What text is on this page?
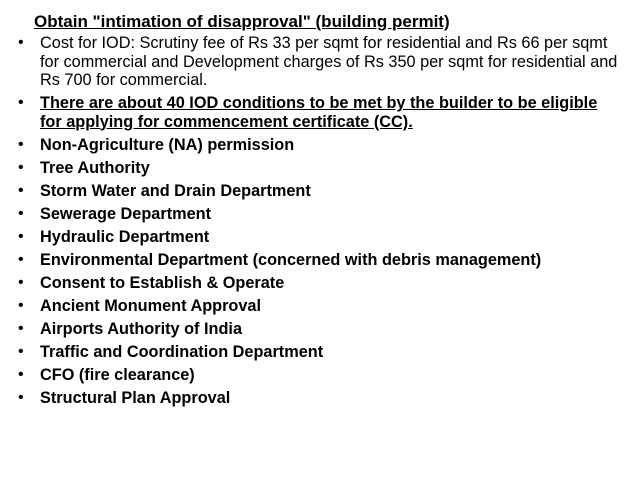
Obtain "intimation of disapproval" (building permit)
• Cost for IOD: Scrutiny fee of Rs 33 per sqmt for residential and Rs 66 per sqmt for commercial and Development charges of Rs 350 per sqmt for residential and Rs 700 for commercial.
• There are about 40 IOD conditions to be met by the builder to be eligible for applying for commencement certificate (CC).
• Non-Agriculture (NA) permission
• Tree Authority
• Storm Water and Drain Department
• Sewerage Department
• Hydraulic Department
• Environmental Department (concerned with debris management)
• Consent to Establish & Operate
• Ancient Monument Approval
• Airports Authority of India
• Traffic and Coordination Department
• CFO (fire clearance)
• Structural Plan Approval
